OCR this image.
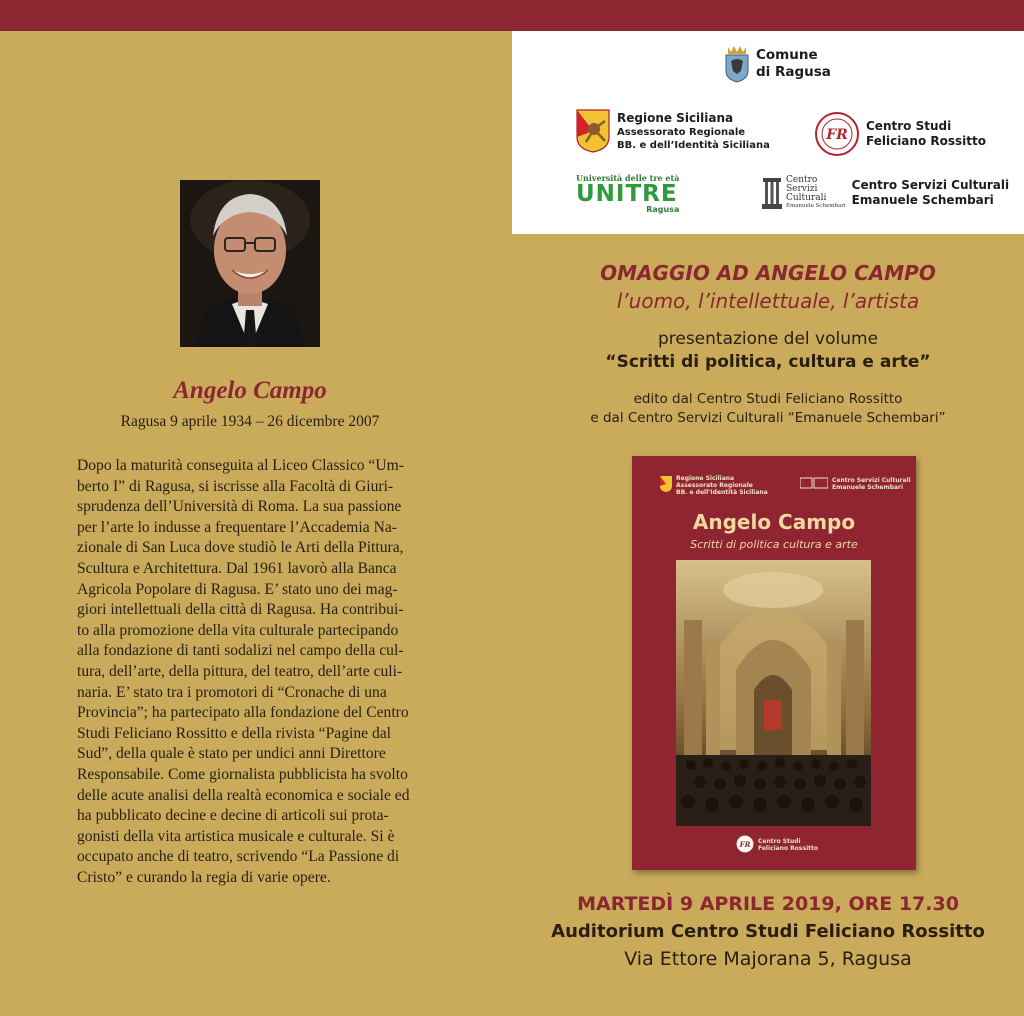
Angelo Campo
Ragusa 9 aprile 1934 – 26 dicembre 2007
Dopo la maturità conseguita al Liceo Classico “Um-
berto I” di Ragusa, si iscrisse alla Facoltà di Giuri-
sprudenza dell’Università di Roma. La sua passione
per l’arte lo indusse a frequentare l’Accademia Na-
zionale di San Luca dove studiò le Arti della Pittura,
Scultura e Architettura. Dal 1961 lavorò alla Banca
Agricola Popolare di Ragusa. E’ stato uno dei mag-
giori intellettuali della città di Ragusa. Ha contribui-
to alla promozione della vita culturale partecipando
alla fondazione di tanti sodalizi nel campo della cul-
tura, dell’arte, della pittura, del teatro, dell’arte culi-
naria. E’ stato tra i promotori di “Cronache di una
Provincia”; ha partecipato alla fondazione del Centro
Studi Feliciano Rossitto e della rivista “Pagine dal
Sud”, della quale è stato per undici anni Direttore
Responsabile. Come giornalista pubblicista ha svolto
delle acute analisi della realtà economica e sociale ed
ha pubblicato decine e decine di articoli sui prota-
gonisti della vita artistica musicale e culturale. Si è
occupato anche di teatro, scrivendo “La Passione di
Cristo” e curando la regia di varie opere.
Comune
di Ragusa
Regione Siciliana
Assessorato Regionale
BB. e dell’Identità Siciliana
FR
Centro Studi
Feliciano Rossitto
Università delle tre età
UNITRE
Ragusa
Centro
Servizi
Culturali
Emanuele Schembari
Centro Servizi Culturali
Emanuele Schembari
OMAGGIO AD ANGELO CAMPO
l’uomo, l’intellettuale, l’artista
presentazione del volume
“Scritti di politica, cultura e arte”
edito dal Centro Studi Feliciano Rossitto
e dal Centro Servizi Culturali “Emanuele Schembari”
Regione Siciliana
Assessorato Regionale
BB. e dell’Identità Siciliana
Centro Servizi Culturali
Emanuele Schembari
Angelo Campo
Scritti di politica cultura e arte
FR Centro Studi
Feliciano Rossitto
MARTEDÌ 9 APRILE 2019, ORE 17.30
Auditorium Centro Studi Feliciano Rossitto
Via Ettore Majorana 5, Ragusa
